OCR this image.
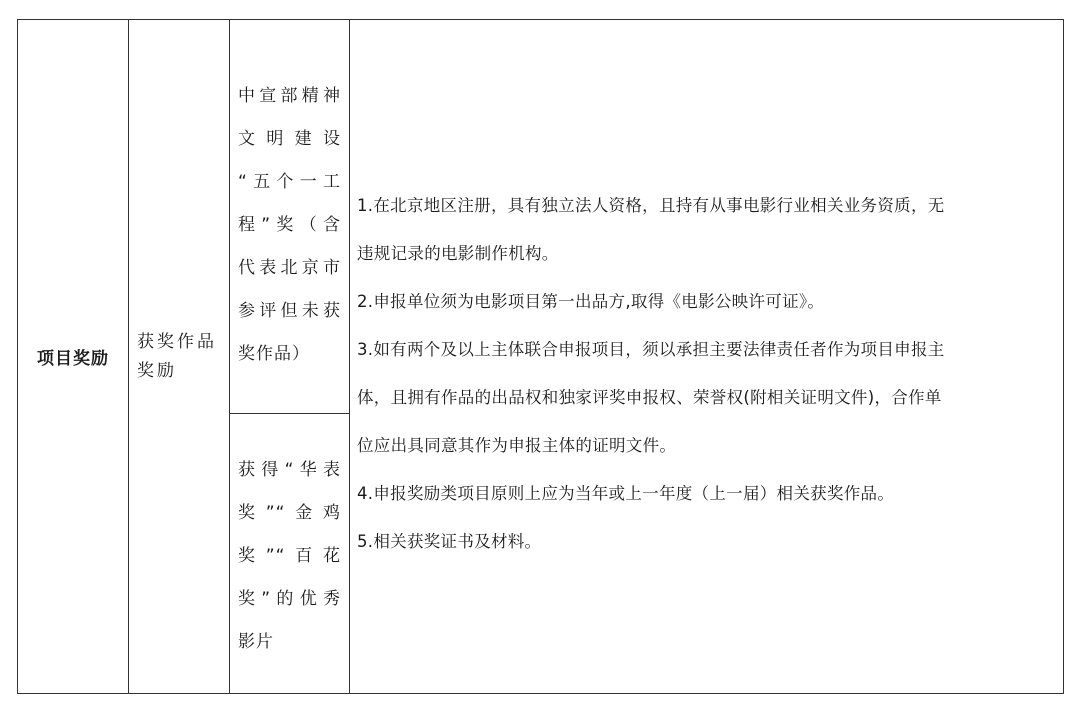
项目奖励
获奖作品
奖励
中宣部精神
文 明 建 设
“五个一工
程”奖（含
代表北京市
参评但未获
奖作品）
获得“华表
奖”“金鸡
奖”“百花
奖”的优秀
影片
1.在北京地区注册，具有独立法人资格，且持有从事电影行业相关业务资质，无
违规记录的电影制作机构。
2.申报单位须为电影项目第一出品方,取得《电影公映许可证》。
3.如有两个及以上主体联合申报项目，须以承担主要法律责任者作为项目申报主
体，且拥有作品的出品权和独家评奖申报权、荣誉权(附相关证明文件)，合作单
位应出具同意其作为申报主体的证明文件。
4.申报奖励类项目原则上应为当年或上一年度（上一届）相关获奖作品。
5.相关获奖证书及材料。
